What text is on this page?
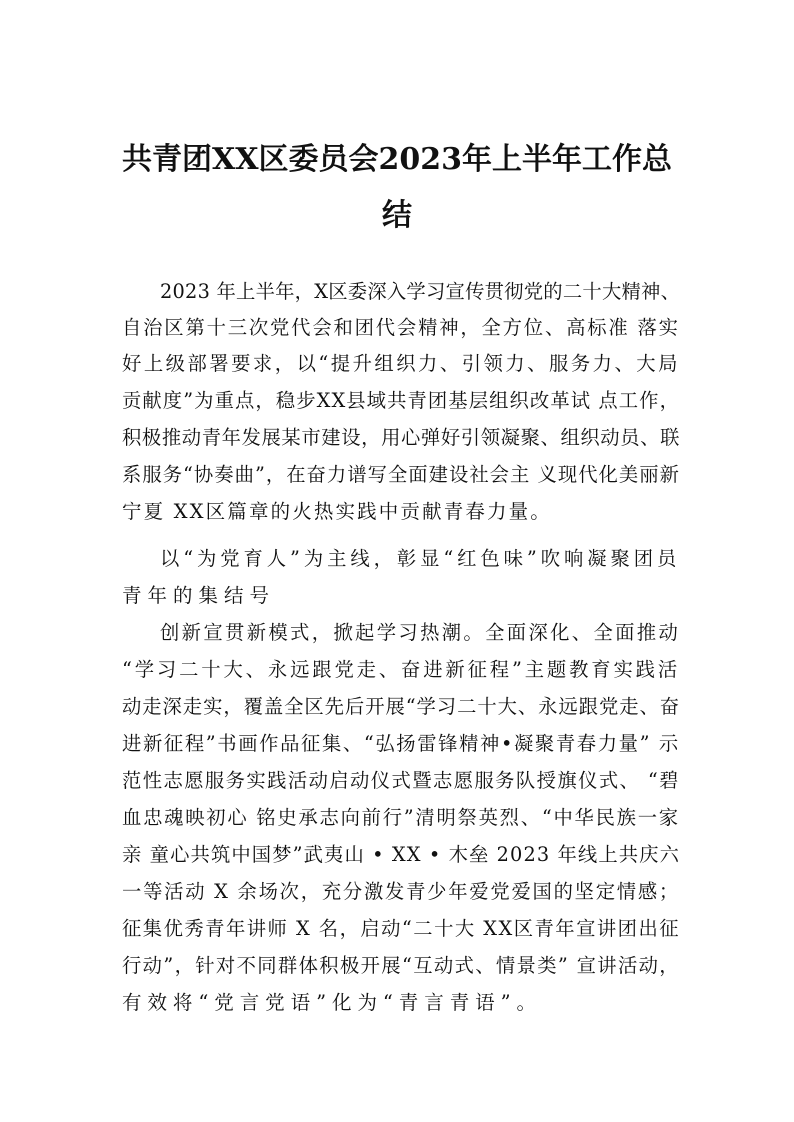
共青团XX区委员会2023年上半年工作总
结
2023 年上半年，X区委深入学习宣传贯彻党的二十大精神、
自治区第十三次党代会和团代会精神，全方位、高标准 落实
好上级部署要求，以“提升组织力、引领力、服务力、大局
贡献度”为重点，稳步XX县域共青团基层组织改革试 点工作，
积极推动青年发展某市建设，用心弹好引领凝聚、组织动员、联
系服务“协奏曲”，在奋力谱写全面建设社会主 义现代化美丽新
宁夏 XX区篇章的火热实践中贡献青春力量。
以“为党育人”为主线，彰显“红色味”吹响凝聚团员
青年的集结号
创新宣贯新模式，掀起学习热潮。全面深化、全面推动
“学习二十大、永远跟党走、奋进新征程”主题教育实践活
动走深走实，覆盖全区先后开展“学习二十大、永远跟党走、奋
进新征程”书画作品征集、“弘扬雷锋精神•凝聚青春力量” 示
范性志愿服务实践活动启动仪式暨志愿服务队授旗仪式、 “碧
血忠魂映初心 铭史承志向前行”清明祭英烈、“中华民族一家
亲 童心共筑中国梦”武夷山 • XX • 木垒 2023 年线上共庆六
一等活动 X 余场次，充分激发青少年爱党爱国的坚定情感；
征集优秀青年讲师 X 名，启动“二十大 XX区青年宣讲团出征
行动”，针对不同群体积极开展“互动式、情景类” 宣讲活动，
有效将“党言党语”化为“青言青语”。
